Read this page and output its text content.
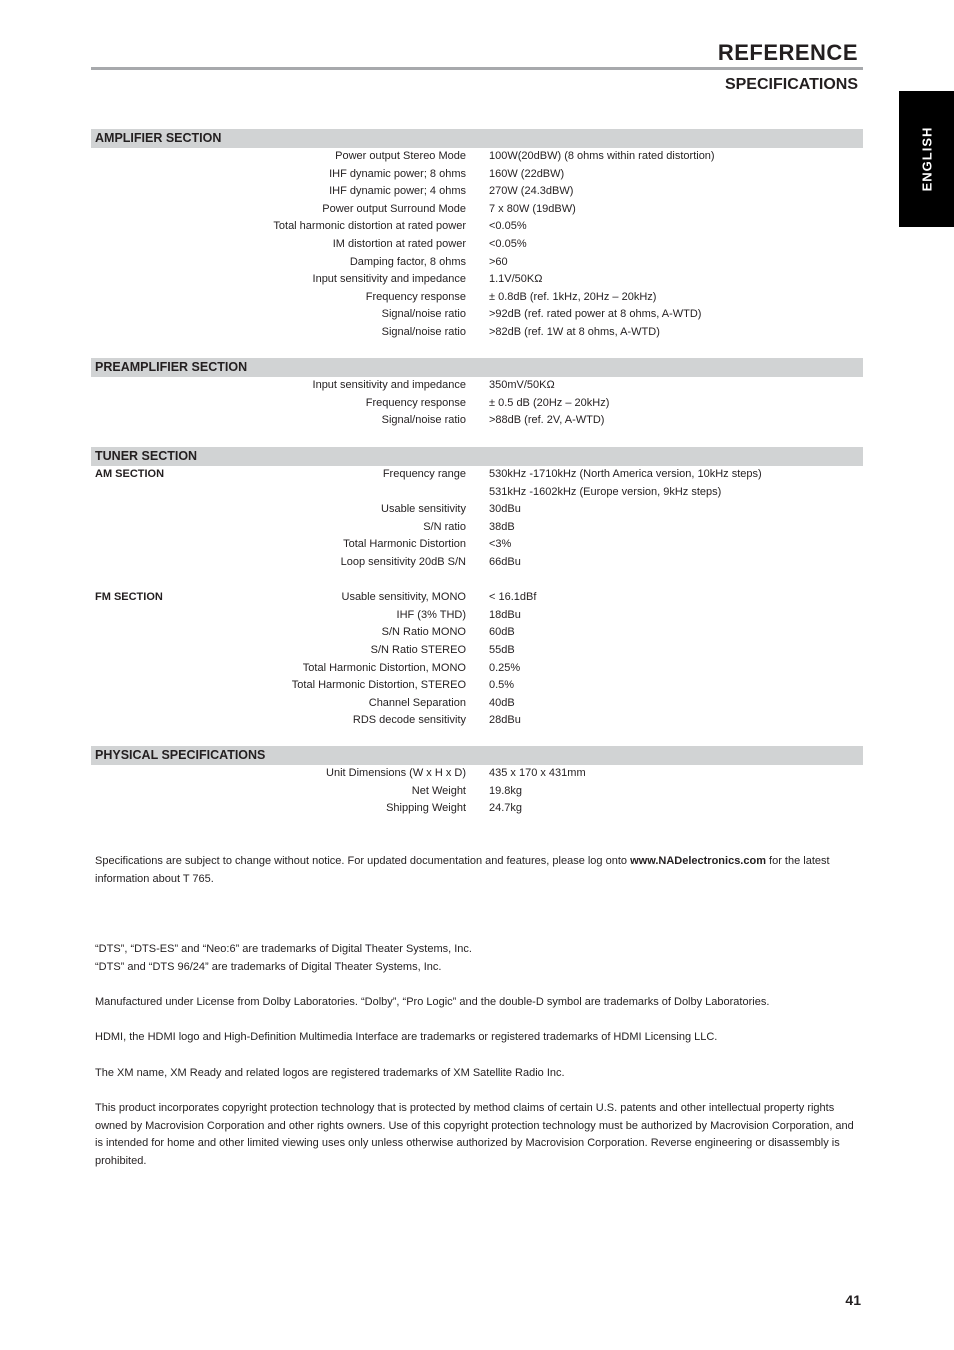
REFERENCE
SPECIFICATIONS
ENGLISH
AMPLIFIER SECTION
Power output Stereo Mode 100W(20dBW) (8 ohms within rated distortion)
IHF dynamic power; 8 ohms 160W (22dBW)
IHF dynamic power; 4 ohms 270W (24.3dBW)
Power output Surround Mode 7 x 80W (19dBW)
Total harmonic distortion at rated power <0.05%
IM distortion at rated power <0.05%
Damping factor, 8 ohms >60
Input sensitivity and impedance 1.1V/50KΩ
Frequency response ± 0.8dB (ref. 1kHz, 20Hz – 20kHz)
Signal/noise ratio >92dB (ref. rated power at 8 ohms, A-WTD)
Signal/noise ratio >82dB (ref. 1W at 8 ohms, A-WTD)
PREAMPLIFIER SECTION
Input sensitivity and impedance 350mV/50KΩ
Frequency response ± 0.5 dB (20Hz – 20kHz)
Signal/noise ratio >88dB (ref. 2V, A-WTD)
TUNER SECTION
AM SECTION	Frequency range 530kHz -1710kHz (North America version, 10kHz steps)
531kHz -1602kHz (Europe version, 9kHz steps)
Usable sensitivity 30dBu
S/N ratio 38dB
Total Harmonic Distortion <3%
Loop sensitivity 20dB S/N 66dBu
FM SECTION	Usable sensitivity, MONO < 16.1dBf
IHF (3% THD) 18dBu
S/N Ratio MONO 60dB
S/N Ratio STEREO 55dB
Total Harmonic Distortion, MONO 0.25%
Total Harmonic Distortion, STEREO 0.5%
Channel Separation 40dB
RDS decode sensitivity 28dBu
PHYSICAL SPECIFICATIONS
Unit Dimensions (W x H x D) 435 x 170 x 431mm
Net Weight 19.8kg
Shipping Weight 24.7kg

Specifications are subject to change without notice. For updated documentation and features, please log onto www.NADelectronics.com for the latest information about T 765.

“DTS”, “DTS-ES” and “Neo:6” are trademarks of Digital Theater Systems, Inc.

“DTS” and “DTS 96/24” are trademarks of Digital Theater Systems, Inc.

Manufactured under License from Dolby Laboratories. “Dolby”, “Pro Logic” and the double-D symbol are trademarks of Dolby Laboratories.

HDMI, the HDMI logo and High-Definition Multimedia Interface are trademarks or registered trademarks of HDMI Licensing LLC.

The XM name, XM Ready and related logos are registered trademarks of XM Satellite Radio Inc.

This product incorporates copyright protection technology that is protected by method claims of certain U.S. patents and other intellectual property rights owned by Macrovision Corporation and other rights owners. Use of this copyright protection technology must be authorized by Macrovision Corporation, and is intended for home and other limited viewing uses only unless otherwise authorized by Macrovision Corporation. Reverse engineering or disassembly is prohibited.

41
